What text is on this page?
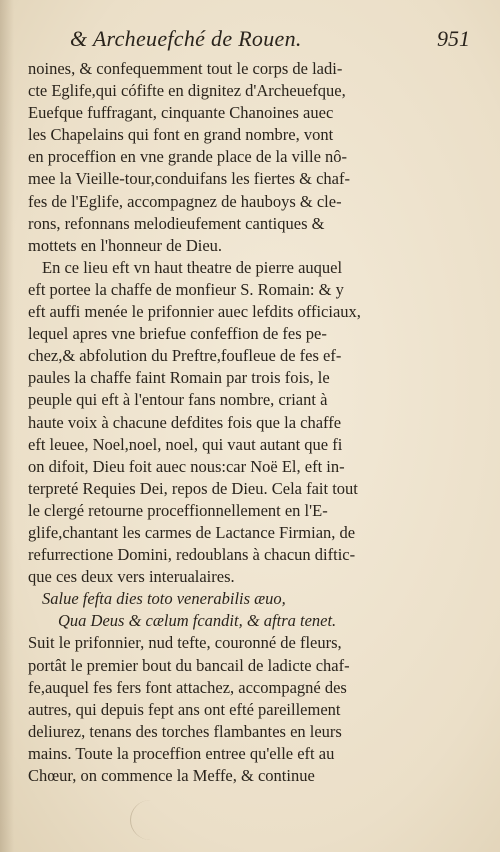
& Archeuefché de Rouen.	951
noines, & confequemment tout le corps de ladi-
cte Eglife,qui cófifte en dignitez d'Archeuefque,
Euefque fuffragant, cinquante Chanoines auec
les Chapelains qui font en grand nombre, vont
en proceffion en vne grande place de la ville nô-
mee la Vieille-tour,conduifans les fiertes & chaf-
fes de l'Eglife, accompagnez de hauboys & cle-
rons, refonnans melodieufement cantiques &
mottets en l'honneur de Dieu.
En ce lieu eft vn haut theatre de pierre auquel
eft portee la chaffe de monfieur S. Romain: & y
eft auffi menée le prifonnier auec lefdits officiaux,
lequel apres vne briefue confeffion de fes pe-
chez,& abfolution du Preftre,foufleue de fes ef-
paules la chaffe faint Romain par trois fois, le
peuple qui eft à l'entour fans nombre, criant à
haute voix à chacune defdites fois que la chaffe
eft leuee, Noel,noel, noel, qui vaut autant que fi
on difoit, Dieu foit auec nous:car Noë El, eft in-
terpreté Requies Dei, repos de Dieu. Cela fait tout
le clergé retourne proceffionnellement en l'E-
glife,chantant les carmes de Lactance Firmian, de
refurrectione Domini, redoublans à chacun diftic-
que ces deux vers interualaires.
Salue fefta dies toto venerabilis æuo,
Qua Deus & cælum fcandit, & aftra tenet.
Suit le prifonnier, nud tefte, couronné de fleurs,
portât le premier bout du bancail de ladicte chaf-
fe,auquel fes fers font attachez, accompagné des
autres, qui depuis fept ans ont efté pareillement
deliurez, tenans des torches flambantes en leurs
mains. Toute la proceffion entree qu'elle eft au
Chœur, on commence la Meffe, & continue
